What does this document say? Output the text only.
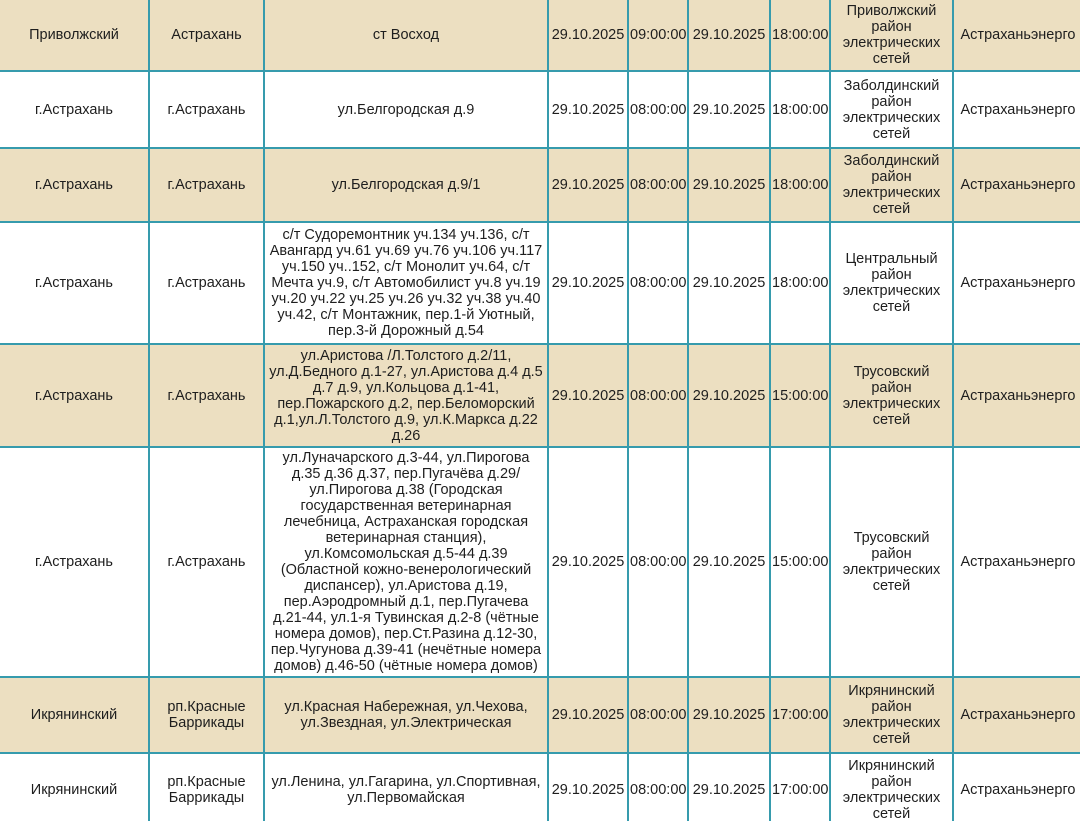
Приволжский	Астрахань	ст Восход	29.10.2025	09:00:00	29.10.2025	18:00:00	Приволжский район электрических сетей	Астраханьэнерго
г.Астрахань	г.Астрахань	ул.Белгородская д.9	29.10.2025	08:00:00	29.10.2025	18:00:00	Заболдинский район электрических сетей	Астраханьэнерго
г.Астрахань	г.Астрахань	ул.Белгородская д.9/1	29.10.2025	08:00:00	29.10.2025	18:00:00	Заболдинский район электрических сетей	Астраханьэнерго
г.Астрахань	г.Астрахань	с/т Судоремонтник уч.134 уч.136, с/т Авангард уч.61 уч.69 уч.76 уч.106 уч.117 уч.150 уч..152, с/т Монолит уч.64, с/т Мечта уч.9, с/т Автомобилист уч.8 уч.19 уч.20 уч.22 уч.25 уч.26 уч.32 уч.38 уч.40 уч.42, с/т Монтажник, пер.1-й Уютный, пер.3-й Дорожный д.54	29.10.2025	08:00:00	29.10.2025	18:00:00	Центральный район электрических сетей	Астраханьэнерго
г.Астрахань	г.Астрахань	ул.Аристова /Л.Толстого д.2/11, ул.Д.Бедного д.1-27, ул.Аристова д.4 д.5 д.7 д.9, ул.Кольцова д.1-41, пер.Пожарского д.2, пер.Беломорский д.1,ул.Л.Толстого д.9, ул.К.Маркса д.22 д.26	29.10.2025	08:00:00	29.10.2025	15:00:00	Трусовский район электрических сетей	Астраханьэнерго
г.Астрахань	г.Астрахань	ул.Луначарского д.3-44, ул.Пирогова д.35 д.36 д.37, пер.Пугачёва д.29/ ул.Пирогова д.38 (Городская государственная ветеринарная лечебница, Астраханская городская ветеринарная станция), ул.Комсомольская д.5-44 д.39 (Областной кожно-венерологический диспансер), ул.Аристова д.19, пер.Аэродромный д.1, пер.Пугачева д.21-44, ул.1-я Тувинская д.2-8 (чётные номера домов), пер.Ст.Разина д.12-30, пер.Чугунова д.39-41 (нечётные номера домов) д.46-50 (чётные номера домов)	29.10.2025	08:00:00	29.10.2025	15:00:00	Трусовский район электрических сетей	Астраханьэнерго
Икрянинский	рп.Красные Баррикады	ул.Красная Набережная, ул.Чехова, ул.Звездная, ул.Электрическая	29.10.2025	08:00:00	29.10.2025	17:00:00	Икрянинский район электрических сетей	Астраханьэнерго
Икрянинский	рп.Красные Баррикады	ул.Ленина, ул.Гагарина, ул.Спортивная, ул.Первомайская	29.10.2025	08:00:00	29.10.2025	17:00:00	Икрянинский район электрических сетей	Астраханьэнерго
